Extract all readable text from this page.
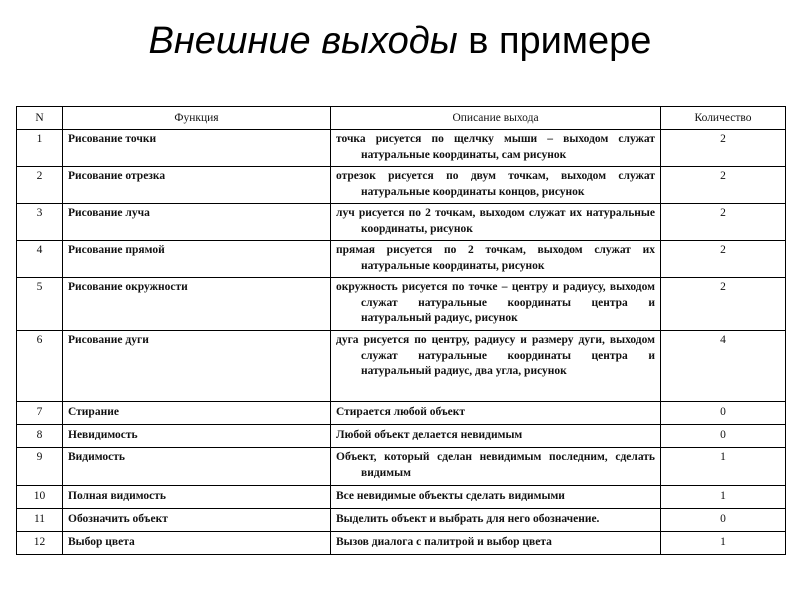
Внешние выходы в примере
N	Функция	Описание выхода	Количество
1	Рисование точки	точка рисуется по щелчку мыши – выходом служат натуральные координаты, сам рисунок	2
2	Рисование отрезка	отрезок рисуется по двум точкам, выходом служат натуральные координаты концов, рисунок	2
3	Рисование луча	луч рисуется по 2 точкам, выходом служат их натуральные координаты, рисунок	2
4	Рисование прямой	прямая рисуется по 2 точкам, выходом служат их натуральные координаты, рисунок	2
5	Рисование окружности	окружность рисуется по точке – центру и радиусу, выходом служат натуральные координаты центра и натуральный радиус, рисунок	2
6	Рисование дуги	дуга рисуется по центру, радиусу и размеру дуги, выходом служат натуральные координаты центра и натуральный радиус, два угла, рисунок	4
7	Стирание	Стирается любой объект	0
8	Невидимость	Любой объект делается невидимым	0
9	Видимость	Объект, который сделан невидимым последним, сделать видимым	1
10	Полная видимость	Все невидимые объекты сделать видимыми	1
11	Обозначить объект	Выделить объект и выбрать для него обозначение.	0
12	Выбор цвета	Вызов диалога с палитрой и выбор цвета	1
